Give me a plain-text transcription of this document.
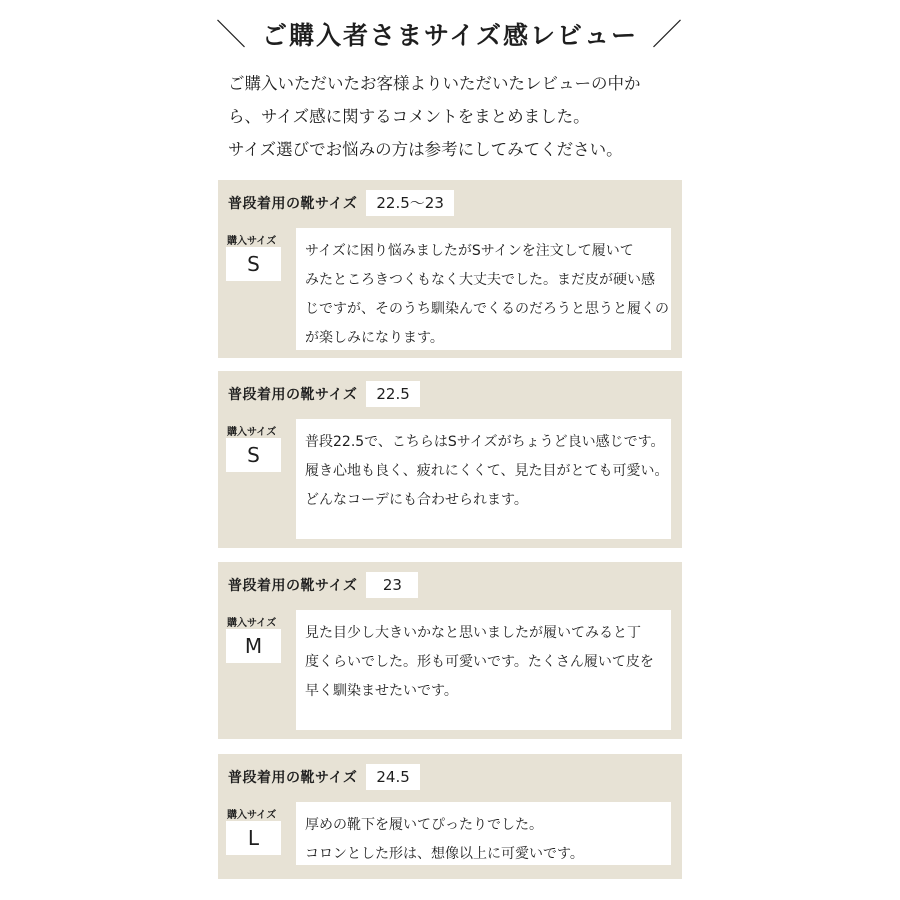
＼ ご購入者さまサイズ感レビュー ／

ご購入いただいたお客様よりいただいたレビューの中か

ら、サイズ感に関するコメントをまとめました。

サイズ選びでお悩みの方は参考にしてみてください。

普段着用の靴サイズ	22.5〜23
購入サイズ
S

サイズに困り悩みましたがSサインを注文して履いて

みたところきつくもなく大丈夫でした。まだ皮が硬い感

じですが、そのうち馴染んでくるのだろうと思うと履くの

が楽しみになります。

普段着用の靴サイズ	22.5
購入サイズ
S

普段22.5で、こちらはSサイズがちょうど良い感じです。

履き心地も良く、疲れにくくて、見た目がとても可愛い。

どんなコーデにも合わせられます。

普段着用の靴サイズ	23
購入サイズ
M

見た目少し大きいかなと思いましたが履いてみると丁

度くらいでした。形も可愛いです。たくさん履いて皮を

早く馴染ませたいです。

普段着用の靴サイズ	24.5
購入サイズ
L

厚めの靴下を履いてぴったりでした。

コロンとした形は、想像以上に可愛いです。
